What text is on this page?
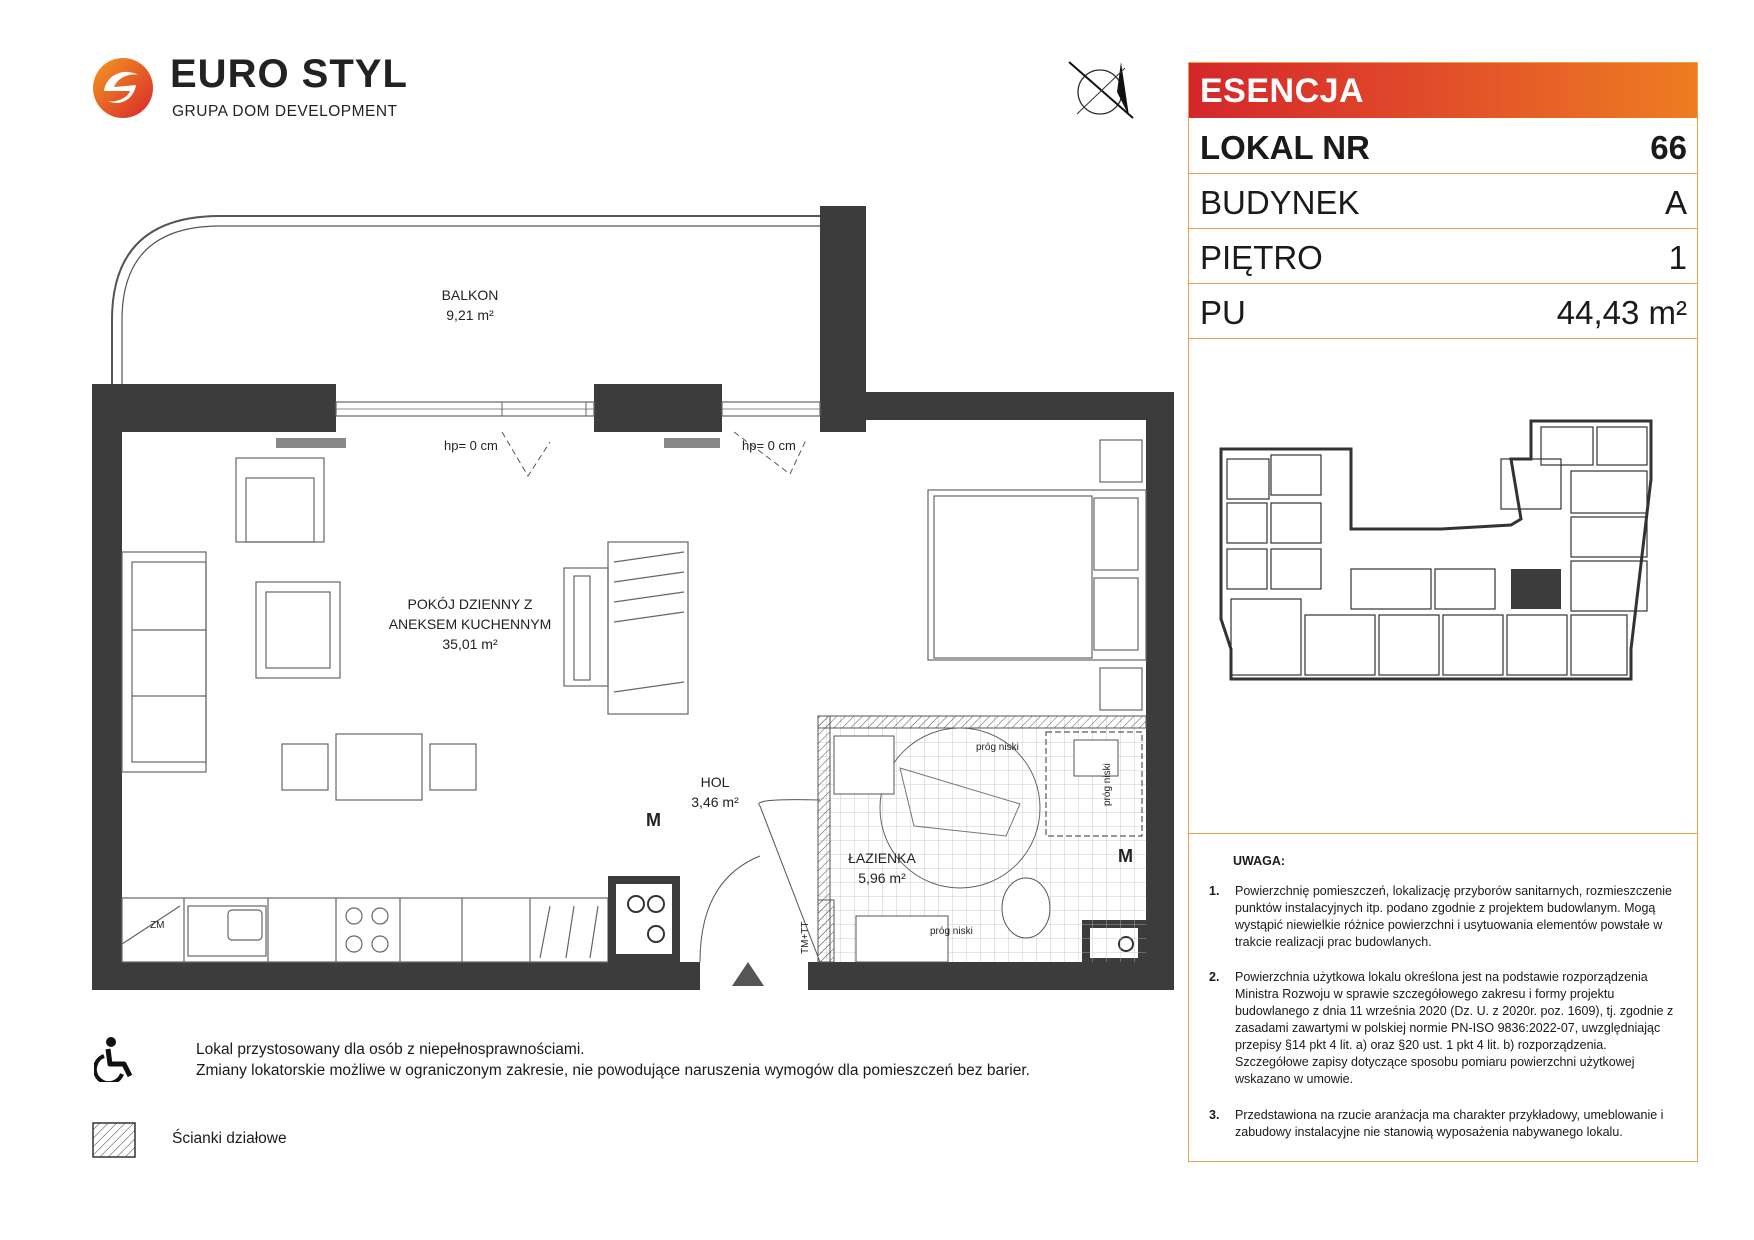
EURO STYL
GRUPA DOM DEVELOPMENT
BALKON
9,21 m²
POKÓJ DZIENNY Z
ANEKSEM KUCHENNYM
35,01 m²
HOL
3,46 m²
ŁAZIENKA
5,96 m²
hp= 0 cm	hp= 0 cm
próg niski
próg niski
próg niski
ZM	TM+TT
M
M
Lokal przystosowany dla osób z niepełnosprawnościami.
Zmiany lokatorskie możliwe w ograniczonym zakresie, nie powodujące naruszenia wymogów dla pomieszczeń bez barier.
Ścianki działowe
ESENCJA
LOKAL NR	66
BUDYNEK	A
PIĘTRO	1
PU	44,43 m²
UWAGA:
1. Powierzchnię pomieszczeń, lokalizację przyborów sanitarnych, rozmieszczenie punktów instalacyjnych itp. podano zgodnie z projektem budowlanym. Mogą wystąpić niewielkie różnice powierzchni i usytuowania elementów powstałe w trakcie realizacji prac budowlanych.
2. Powierzchnia użytkowa lokalu określona jest na podstawie rozporządzenia Ministra Rozwoju w sprawie szczegółowego zakresu i formy projektu budowlanego z dnia 11 września 2020 (Dz. U. z 2020r. poz. 1609), tj. zgodnie z zasadami zawartymi w polskiej normie PN-ISO 9836:2022-07, uwzględniając przepisy §14 pkt 4 lit. a) oraz §20 ust. 1 pkt 4 lit. b) rozporządzenia. Szczegółowe zapisy dotyczące sposobu pomiaru powierzchni użytkowej wskazano w umowie.
3. Przedstawiona na rzucie aranżacja ma charakter przykładowy, umeblowanie i zabudowy instalacyjne nie stanowią wyposażenia nabywanego lokalu.
